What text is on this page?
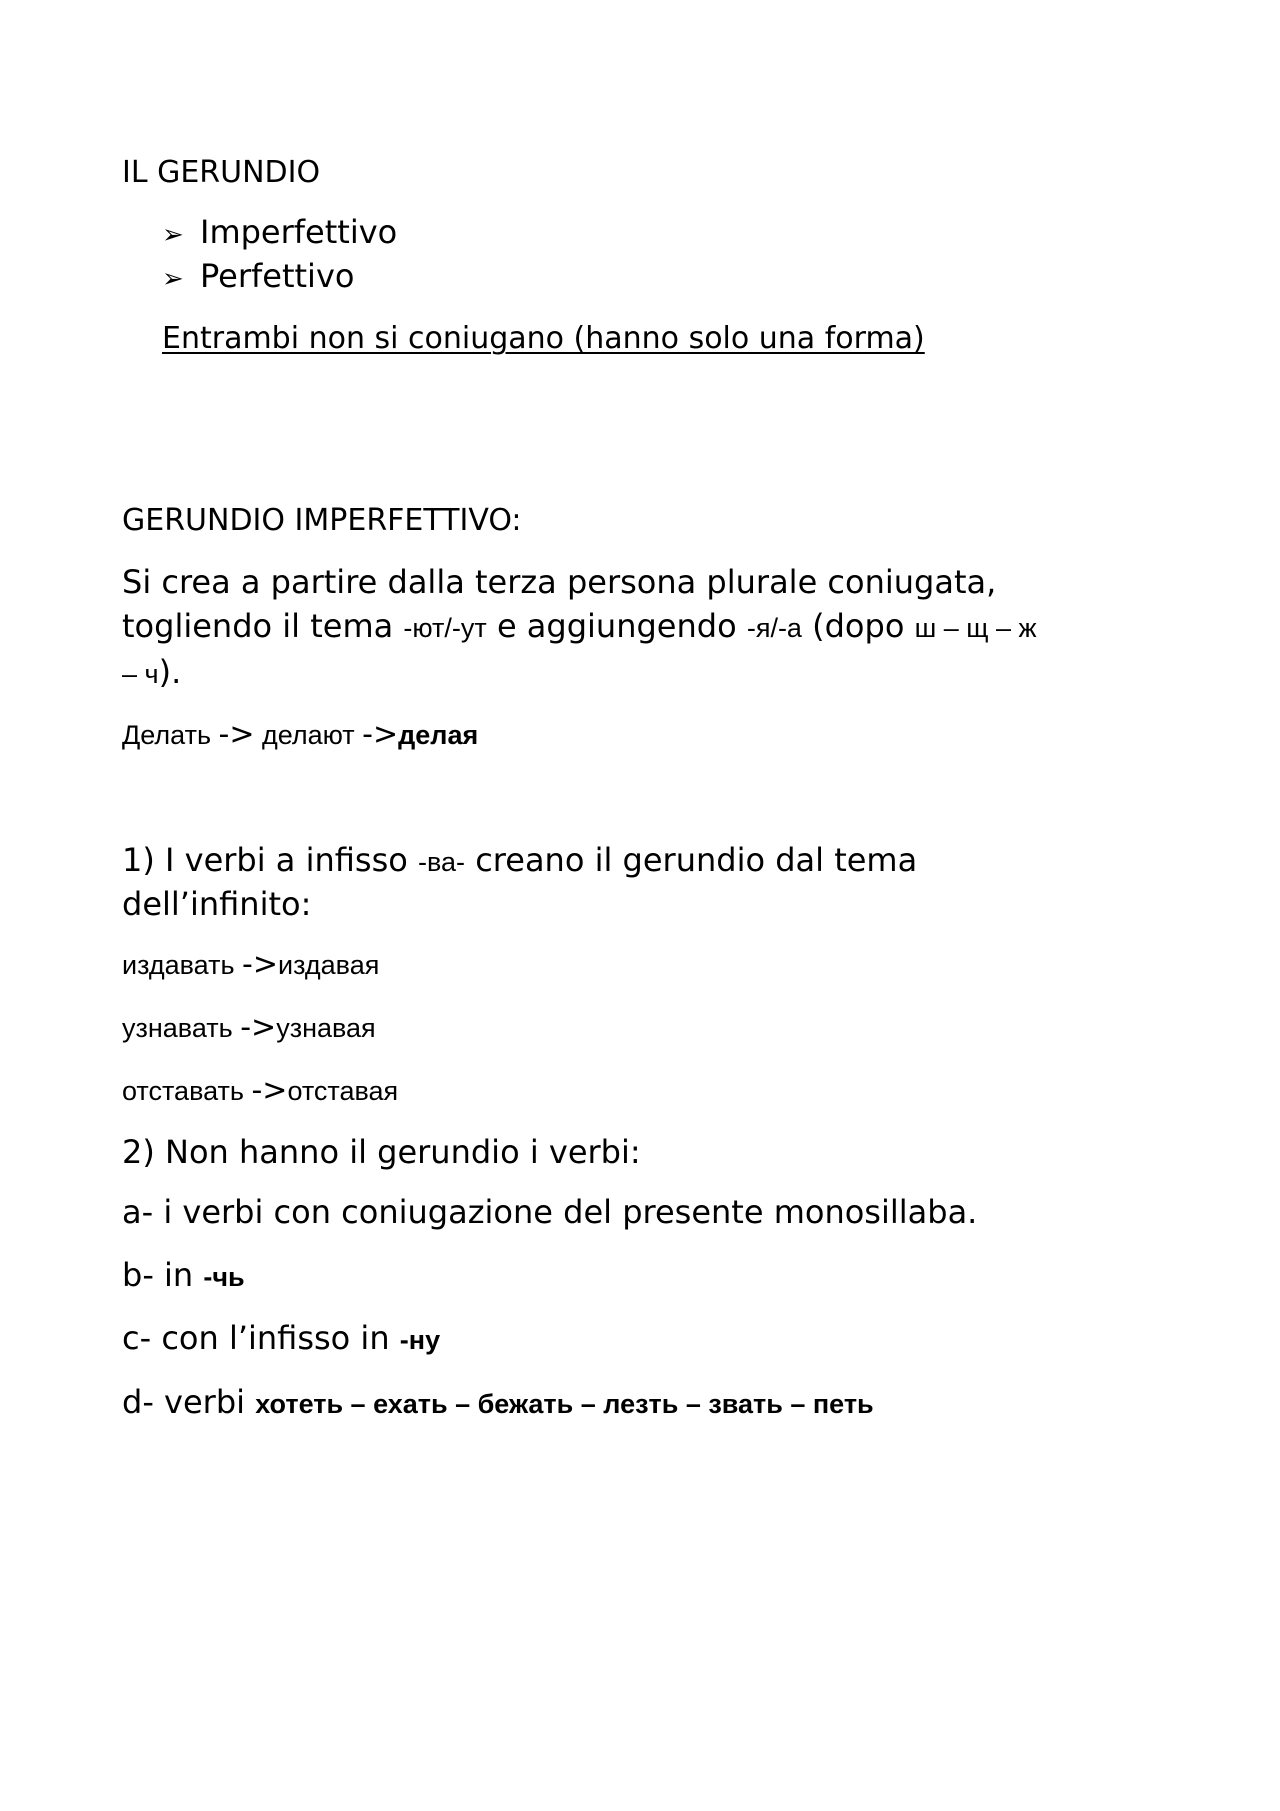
IL GERUNDIO
➢ Imperfettivo
➢ Perfettivo
Entrambi non si coniugano (hanno solo una forma)
GERUNDIO IMPERFETTIVO:
Si crea a partire dalla terza persona plurale coniugata,
togliendo il tema -ют/-ут e aggiungendo -я/-а (dopo ш – щ – ж
– ч).
Делать -> делают ->делая
1) I verbi a infisso -ва- creano il gerundio dal tema
dell’infinito:
издавать ->издавая
узнавать ->узнавая
отставать ->отставая
2) Non hanno il gerundio i verbi:
a- i verbi con coniugazione del presente monosillaba.
b- in -чь
c- con l’infisso in -ну
d- verbi хотеть – ехать – бежать – лезть – звать – петь
